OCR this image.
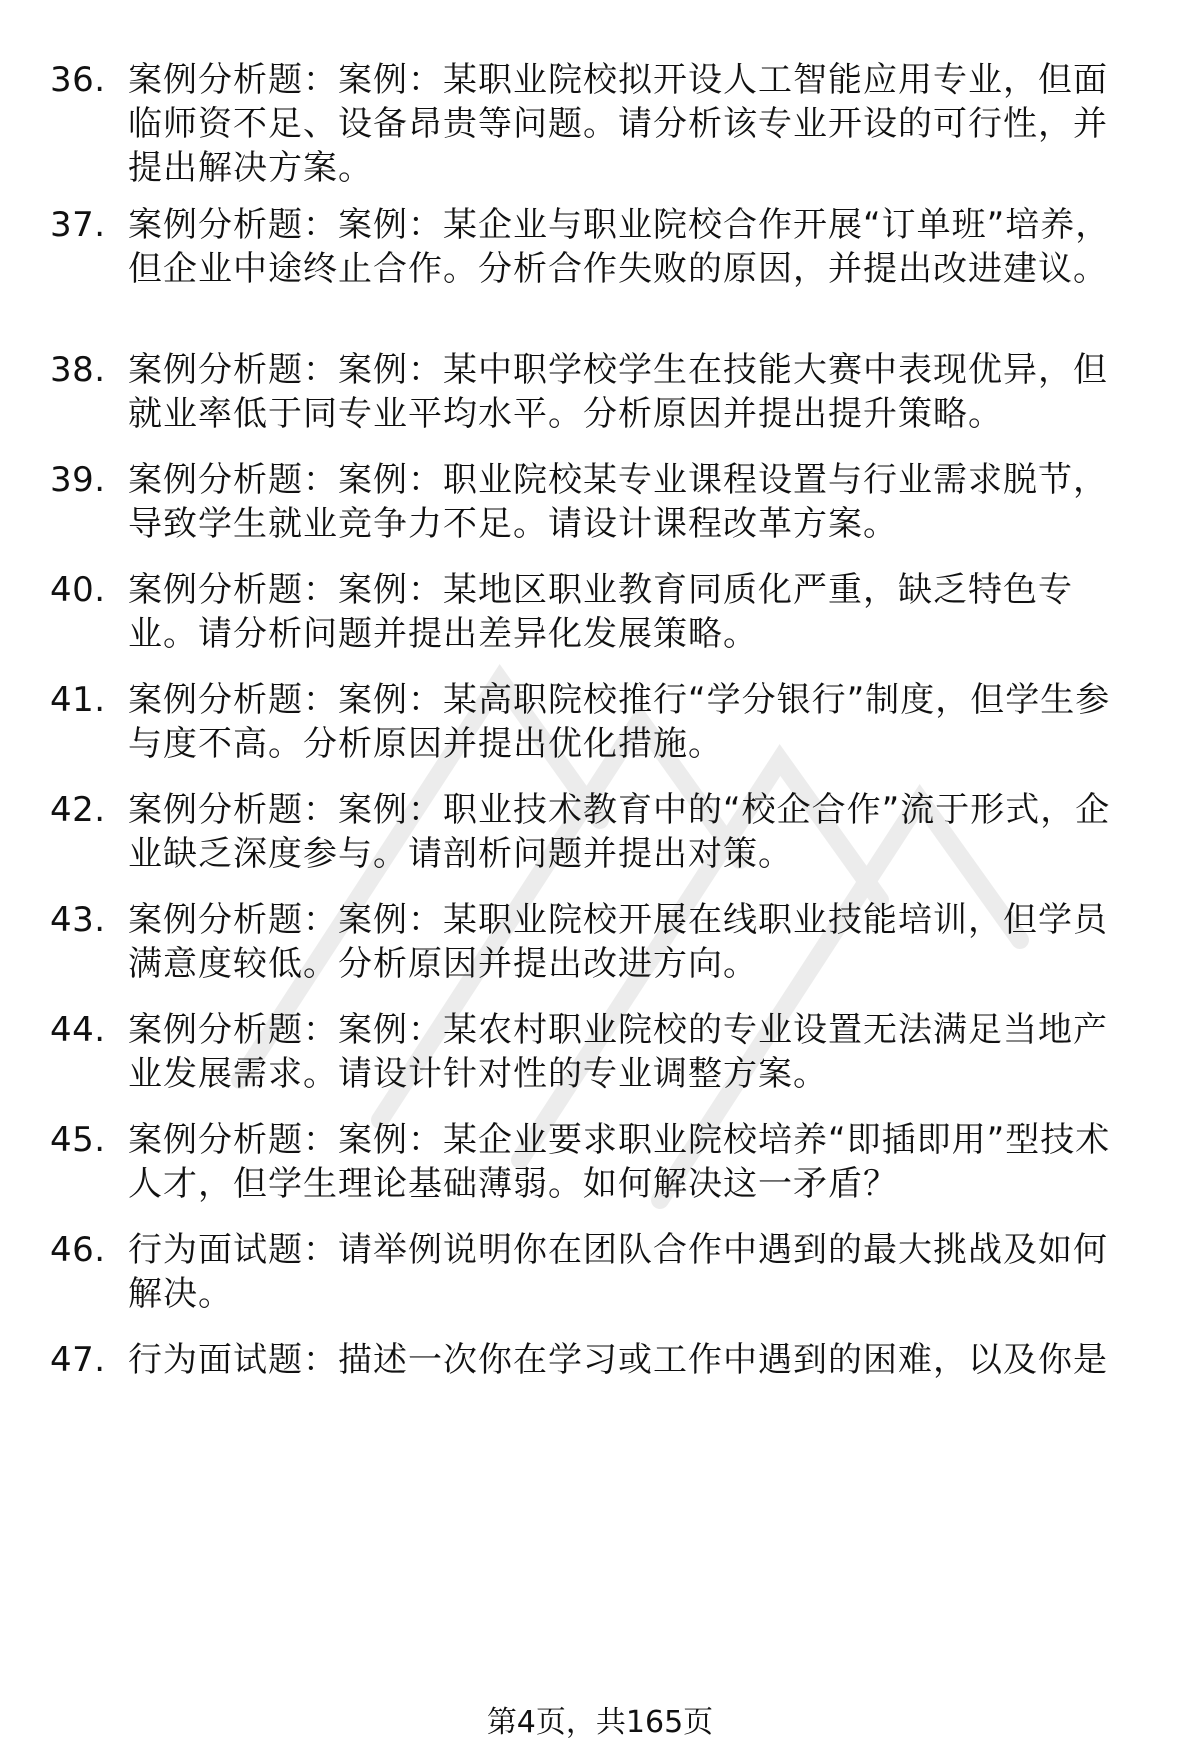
36. 案例分析题：案例：某职业院校拟开设人工智能应用专业，但面临师资不足、设备昂贵等问题。请分析该专业开设的可行性，并提出解决方案。
37. 案例分析题：案例：某企业与职业院校合作开展“订单班”培养，但企业中途终止合作。分析合作失败的原因，并提出改进建议。
38. 案例分析题：案例：某中职学校学生在技能大赛中表现优异，但就业率低于同专业平均水平。分析原因并提出提升策略。
39. 案例分析题：案例：职业院校某专业课程设置与行业需求脱节，导致学生就业竞争力不足。请设计课程改革方案。
40. 案例分析题：案例：某地区职业教育同质化严重，缺乏特色专业。请分析问题并提出差异化发展策略。
41. 案例分析题：案例：某高职院校推行“学分银行”制度，但学生参与度不高。分析原因并提出优化措施。
42. 案例分析题：案例：职业技术教育中的“校企合作”流于形式，企业缺乏深度参与。请剖析问题并提出对策。
43. 案例分析题：案例：某职业院校开展在线职业技能培训，但学员满意度较低。分析原因并提出改进方向。
44. 案例分析题：案例：某农村职业院校的专业设置无法满足当地产业发展需求。请设计针对性的专业调整方案。
45. 案例分析题：案例：某企业要求职业院校培养“即插即用”型技术人才，但学生理论基础薄弱。如何解决这一矛盾？
46. 行为面试题：请举例说明你在团队合作中遇到的最大挑战及如何解决。
47. 行为面试题：描述一次你在学习或工作中遇到的困难，以及你是
第4页，共165页
